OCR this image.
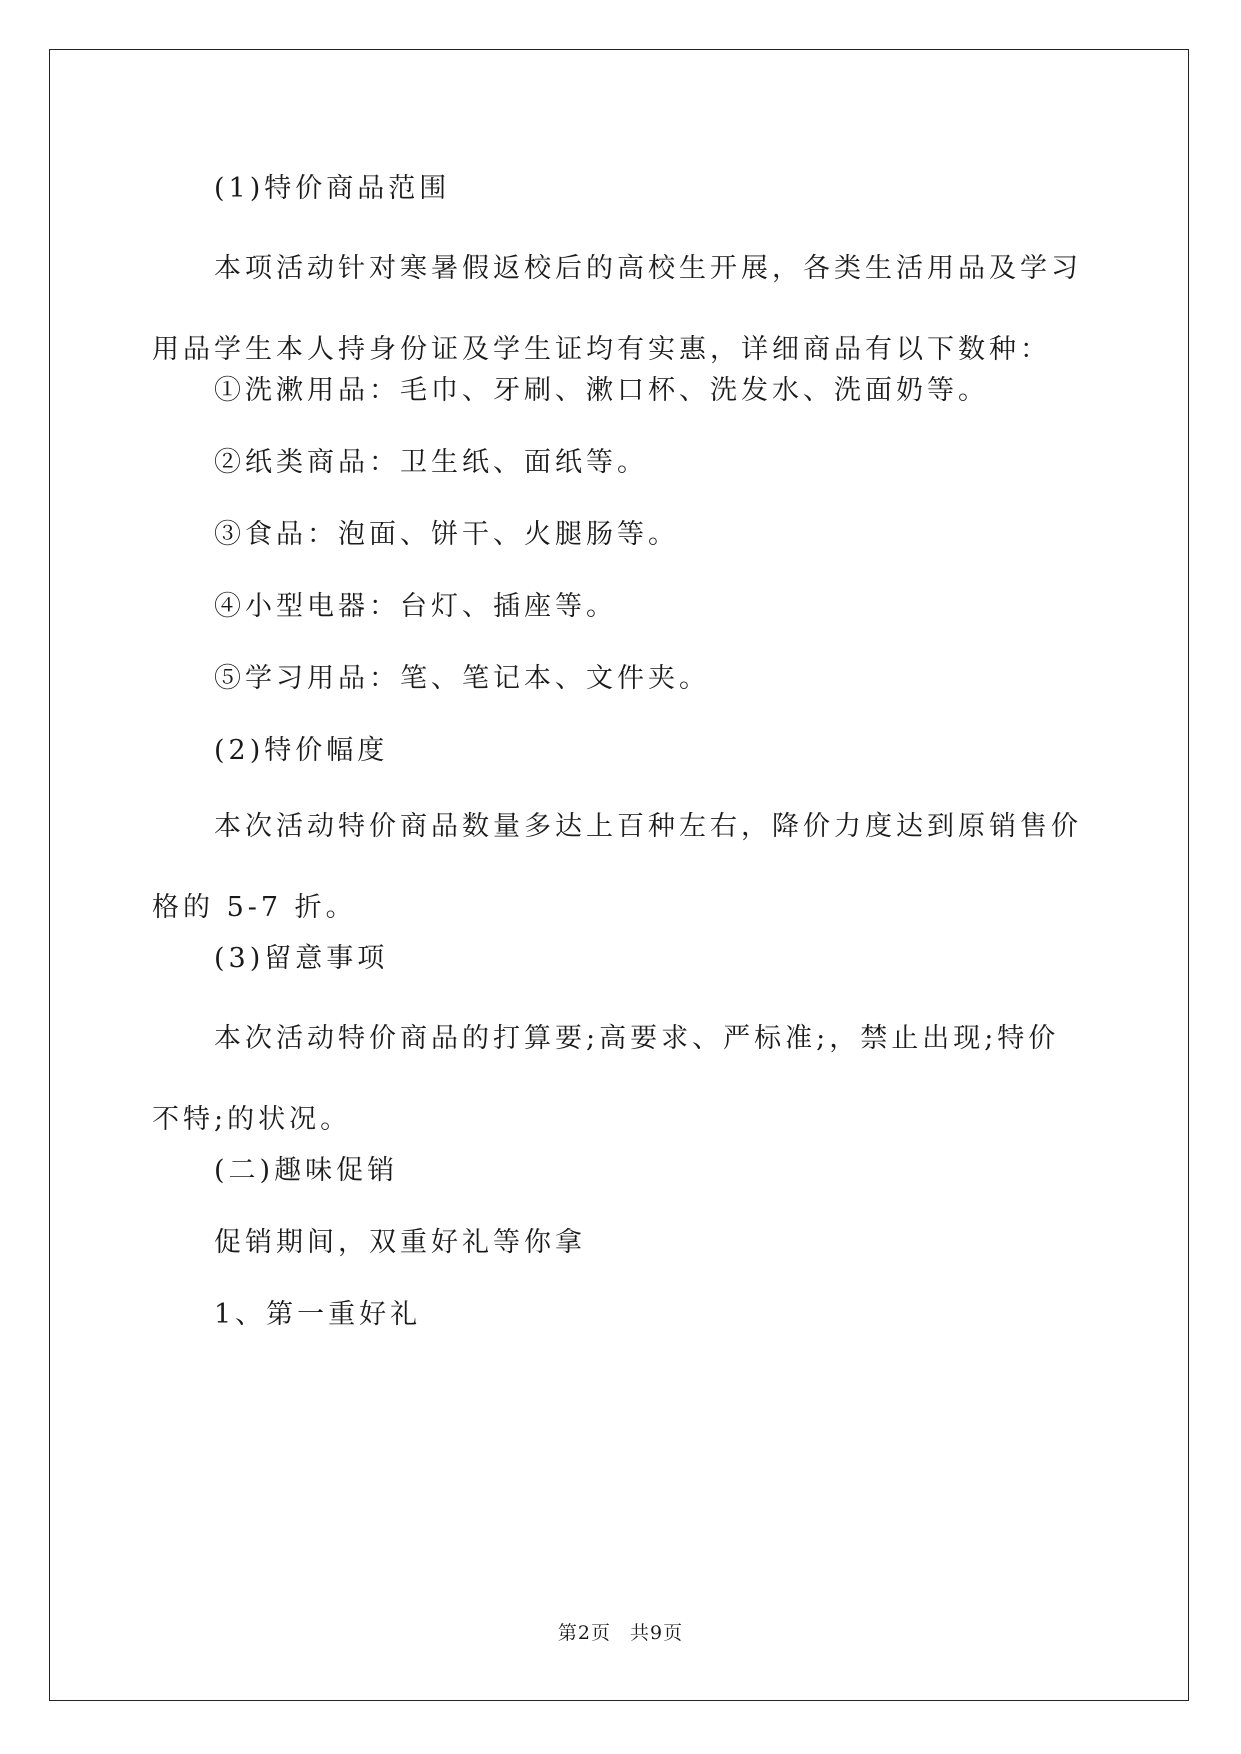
(1)特价商品范围

本项活动针对寒暑假返校后的高校生开展，各类生活用品及学习用品学生本人持身份证及学生证均有实惠，详细商品有以下数种：

①洗漱用品：毛巾、牙刷、漱口杯、洗发水、洗面奶等。

②纸类商品：卫生纸、面纸等。

③食品：泡面、饼干、火腿肠等。

④小型电器：台灯、插座等。

⑤学习用品：笔、笔记本、文件夹。

(2)特价幅度

本次活动特价商品数量多达上百种左右，降价力度达到原销售价格的 5-7 折。

(3)留意事项

本次活动特价商品的打算要;高要求、严标准;，禁止出现;特价不特;的状况。

(二)趣味促销

促销期间，双重好礼等你拿

1、第一重好礼

第2页 共9页
